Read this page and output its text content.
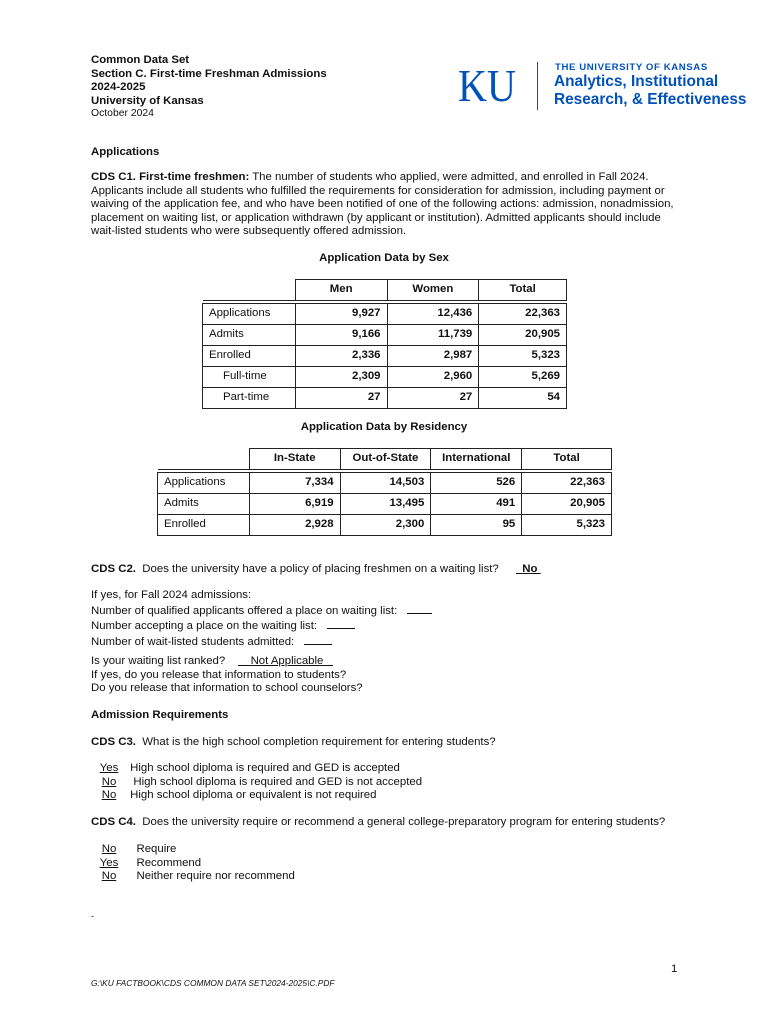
Common Data Set
Section C. First-time Freshman Admissions
2024-2025
University of Kansas
October 2024
KU	THE UNIVERSITY OF KANSAS
Analytics, Institutional
Research, & Effectiveness
Applications
CDS C1. First-time freshmen: The number of students who applied, were admitted, and enrolled in Fall 2024.
Applicants include all students who fulfilled the requirements for consideration for admission, including payment or
waiving of the application fee, and who have been notified of one of the following actions: admission, nonadmission,
placement on waiting list, or application withdrawn (by applicant or institution). Admitted applicants should include
wait-listed students who were subsequently offered admission.
Application Data by Sex
	Men	Women	Total

Applications	9,927	12,436	22,363
Admits	9,166	11,739	20,905
Enrolled	2,336	2,987	5,323
Full-time	2,309	2,960	5,269
Part-time	27	27	54
Application Data by Residency
	In-State	Out-of-State	International	Total

Applications	7,334	14,503	526	22,363
Admits	6,919	13,495	491	20,905
Enrolled	2,928	2,300	95	5,323
CDS C2. Does the university have a policy of placing freshmen on a waiting list? No
If yes, for Fall 2024 admissions:
Number of qualified applicants offered a place on waiting list:
Number accepting a place on the waiting list:
Number of wait-listed students admitted:
Is your waiting list ranked? Not Applicable
If yes, do you release that information to students?
Do you release that information to school counselors?
Admission Requirements
CDS C3. What is the high school completion requirement for entering students?
Yes High school diploma is required and GED is accepted
No High school diploma is required and GED is not accepted
No High school diploma or equivalent is not required
CDS C4. Does the university require or recommend a general college-preparatory program for entering students?
No Require
Yes Recommend
No Neither require nor recommend
-
1
G:\KU FACTBOOK\CDS COMMON DATA SET\2024-2025\C.PDF
